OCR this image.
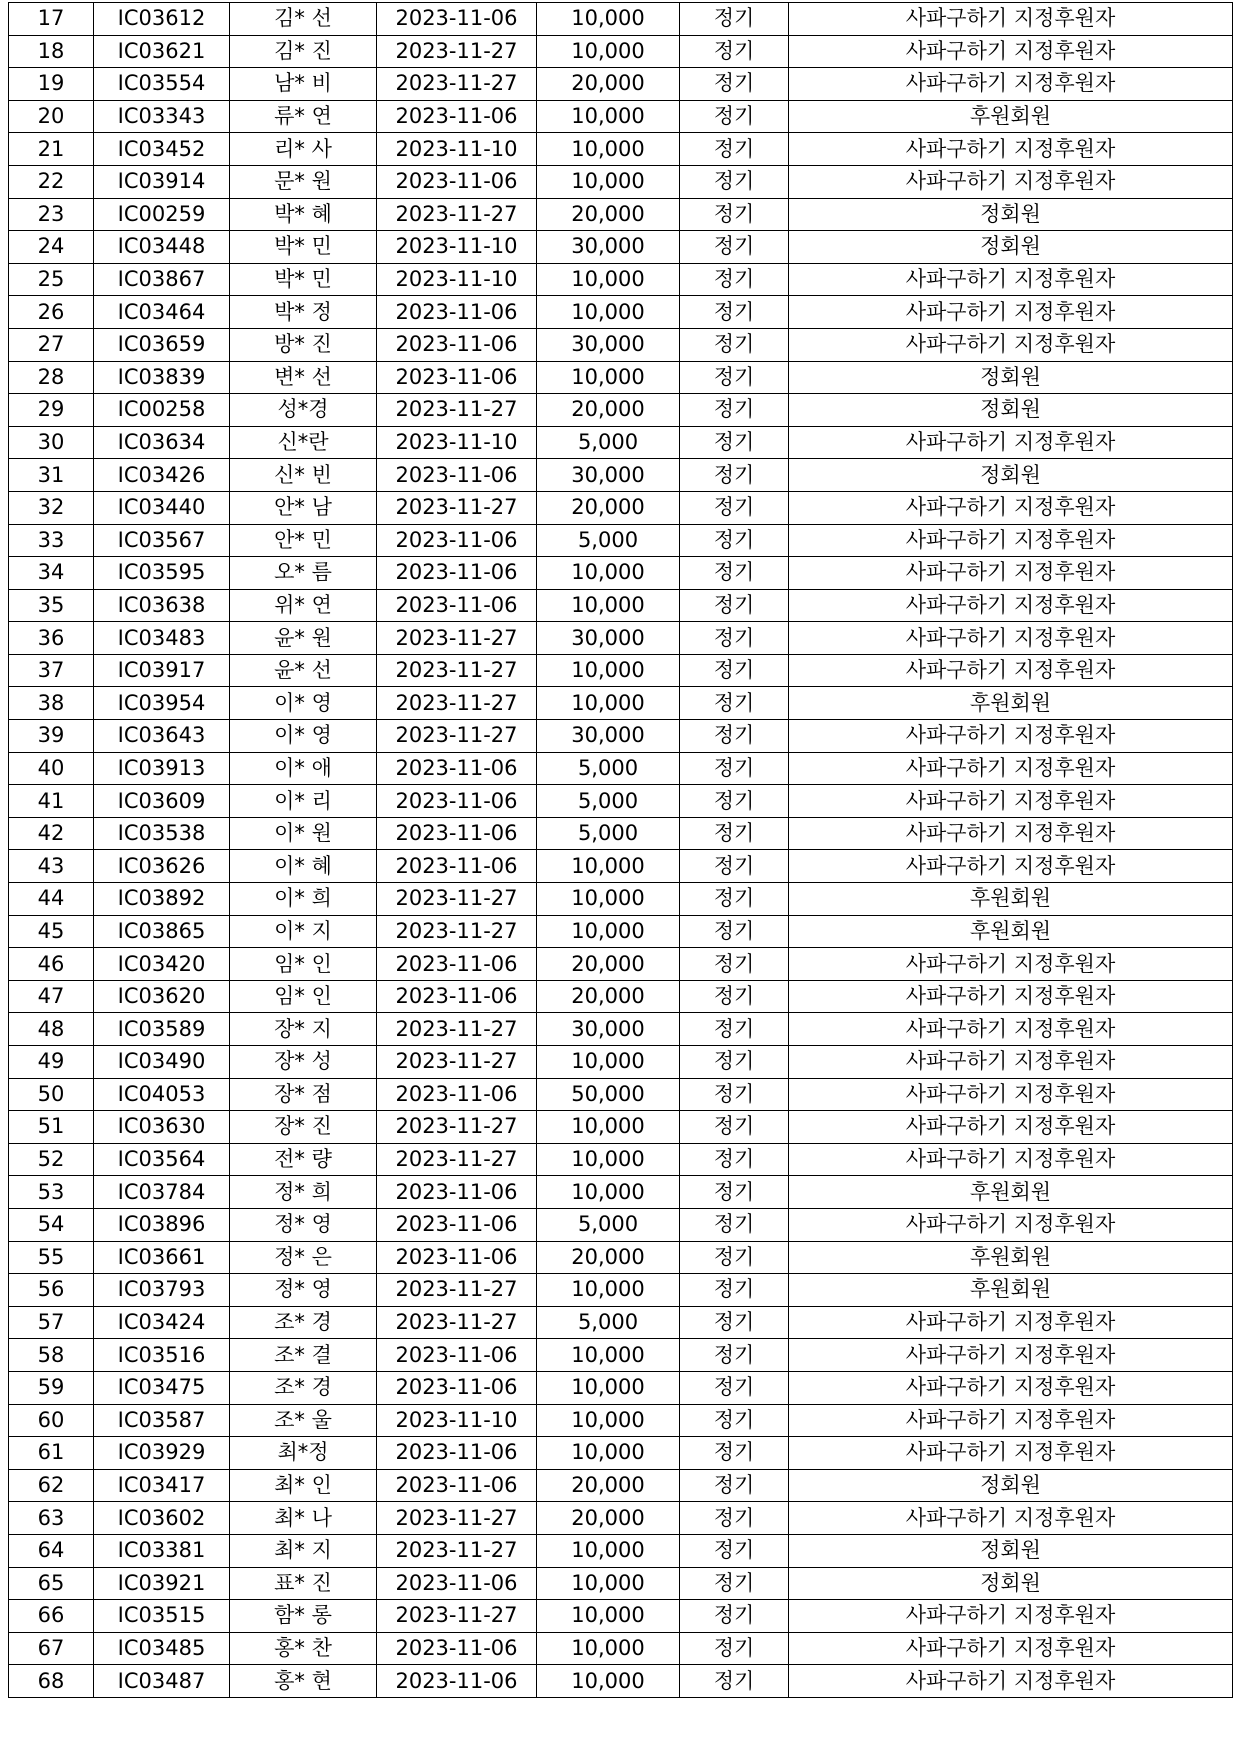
17	IC03612	김* 선	2023-11-06	10,000	정기	사파구하기 지정후원자
18	IC03621	김* 진	2023-11-27	10,000	정기	사파구하기 지정후원자
19	IC03554	남* 비	2023-11-27	20,000	정기	사파구하기 지정후원자
20	IC03343	류* 연	2023-11-06	10,000	정기	후원회원
21	IC03452	리* 사	2023-11-10	10,000	정기	사파구하기 지정후원자
22	IC03914	문* 원	2023-11-06	10,000	정기	사파구하기 지정후원자
23	IC00259	박* 혜	2023-11-27	20,000	정기	정회원
24	IC03448	박* 민	2023-11-10	30,000	정기	정회원
25	IC03867	박* 민	2023-11-10	10,000	정기	사파구하기 지정후원자
26	IC03464	박* 정	2023-11-06	10,000	정기	사파구하기 지정후원자
27	IC03659	방* 진	2023-11-06	30,000	정기	사파구하기 지정후원자
28	IC03839	변* 선	2023-11-06	10,000	정기	정회원
29	IC00258	성*경	2023-11-27	20,000	정기	정회원
30	IC03634	신*란	2023-11-10	5,000	정기	사파구하기 지정후원자
31	IC03426	신* 빈	2023-11-06	30,000	정기	정회원
32	IC03440	안* 남	2023-11-27	20,000	정기	사파구하기 지정후원자
33	IC03567	안* 민	2023-11-06	5,000	정기	사파구하기 지정후원자
34	IC03595	오* 름	2023-11-06	10,000	정기	사파구하기 지정후원자
35	IC03638	위* 연	2023-11-06	10,000	정기	사파구하기 지정후원자
36	IC03483	윤* 원	2023-11-27	30,000	정기	사파구하기 지정후원자
37	IC03917	윤* 선	2023-11-27	10,000	정기	사파구하기 지정후원자
38	IC03954	이* 영	2023-11-27	10,000	정기	후원회원
39	IC03643	이* 영	2023-11-27	30,000	정기	사파구하기 지정후원자
40	IC03913	이* 애	2023-11-06	5,000	정기	사파구하기 지정후원자
41	IC03609	이* 리	2023-11-06	5,000	정기	사파구하기 지정후원자
42	IC03538	이* 원	2023-11-06	5,000	정기	사파구하기 지정후원자
43	IC03626	이* 혜	2023-11-06	10,000	정기	사파구하기 지정후원자
44	IC03892	이* 희	2023-11-27	10,000	정기	후원회원
45	IC03865	이* 지	2023-11-27	10,000	정기	후원회원
46	IC03420	임* 인	2023-11-06	20,000	정기	사파구하기 지정후원자
47	IC03620	임* 인	2023-11-06	20,000	정기	사파구하기 지정후원자
48	IC03589	장* 지	2023-11-27	30,000	정기	사파구하기 지정후원자
49	IC03490	장* 성	2023-11-27	10,000	정기	사파구하기 지정후원자
50	IC04053	장* 점	2023-11-06	50,000	정기	사파구하기 지정후원자
51	IC03630	장* 진	2023-11-27	10,000	정기	사파구하기 지정후원자
52	IC03564	전* 량	2023-11-27	10,000	정기	사파구하기 지정후원자
53	IC03784	정* 희	2023-11-06	10,000	정기	후원회원
54	IC03896	정* 영	2023-11-06	5,000	정기	사파구하기 지정후원자
55	IC03661	정* 은	2023-11-06	20,000	정기	후원회원
56	IC03793	정* 영	2023-11-27	10,000	정기	후원회원
57	IC03424	조* 경	2023-11-27	5,000	정기	사파구하기 지정후원자
58	IC03516	조* 결	2023-11-06	10,000	정기	사파구하기 지정후원자
59	IC03475	조* 경	2023-11-06	10,000	정기	사파구하기 지정후원자
60	IC03587	조* 울	2023-11-10	10,000	정기	사파구하기 지정후원자
61	IC03929	최*정	2023-11-06	10,000	정기	사파구하기 지정후원자
62	IC03417	최* 인	2023-11-06	20,000	정기	정회원
63	IC03602	최* 나	2023-11-27	20,000	정기	사파구하기 지정후원자
64	IC03381	최* 지	2023-11-27	10,000	정기	정회원
65	IC03921	표* 진	2023-11-06	10,000	정기	정회원
66	IC03515	함* 롱	2023-11-27	10,000	정기	사파구하기 지정후원자
67	IC03485	홍* 찬	2023-11-06	10,000	정기	사파구하기 지정후원자
68	IC03487	홍* 현	2023-11-06	10,000	정기	사파구하기 지정후원자
